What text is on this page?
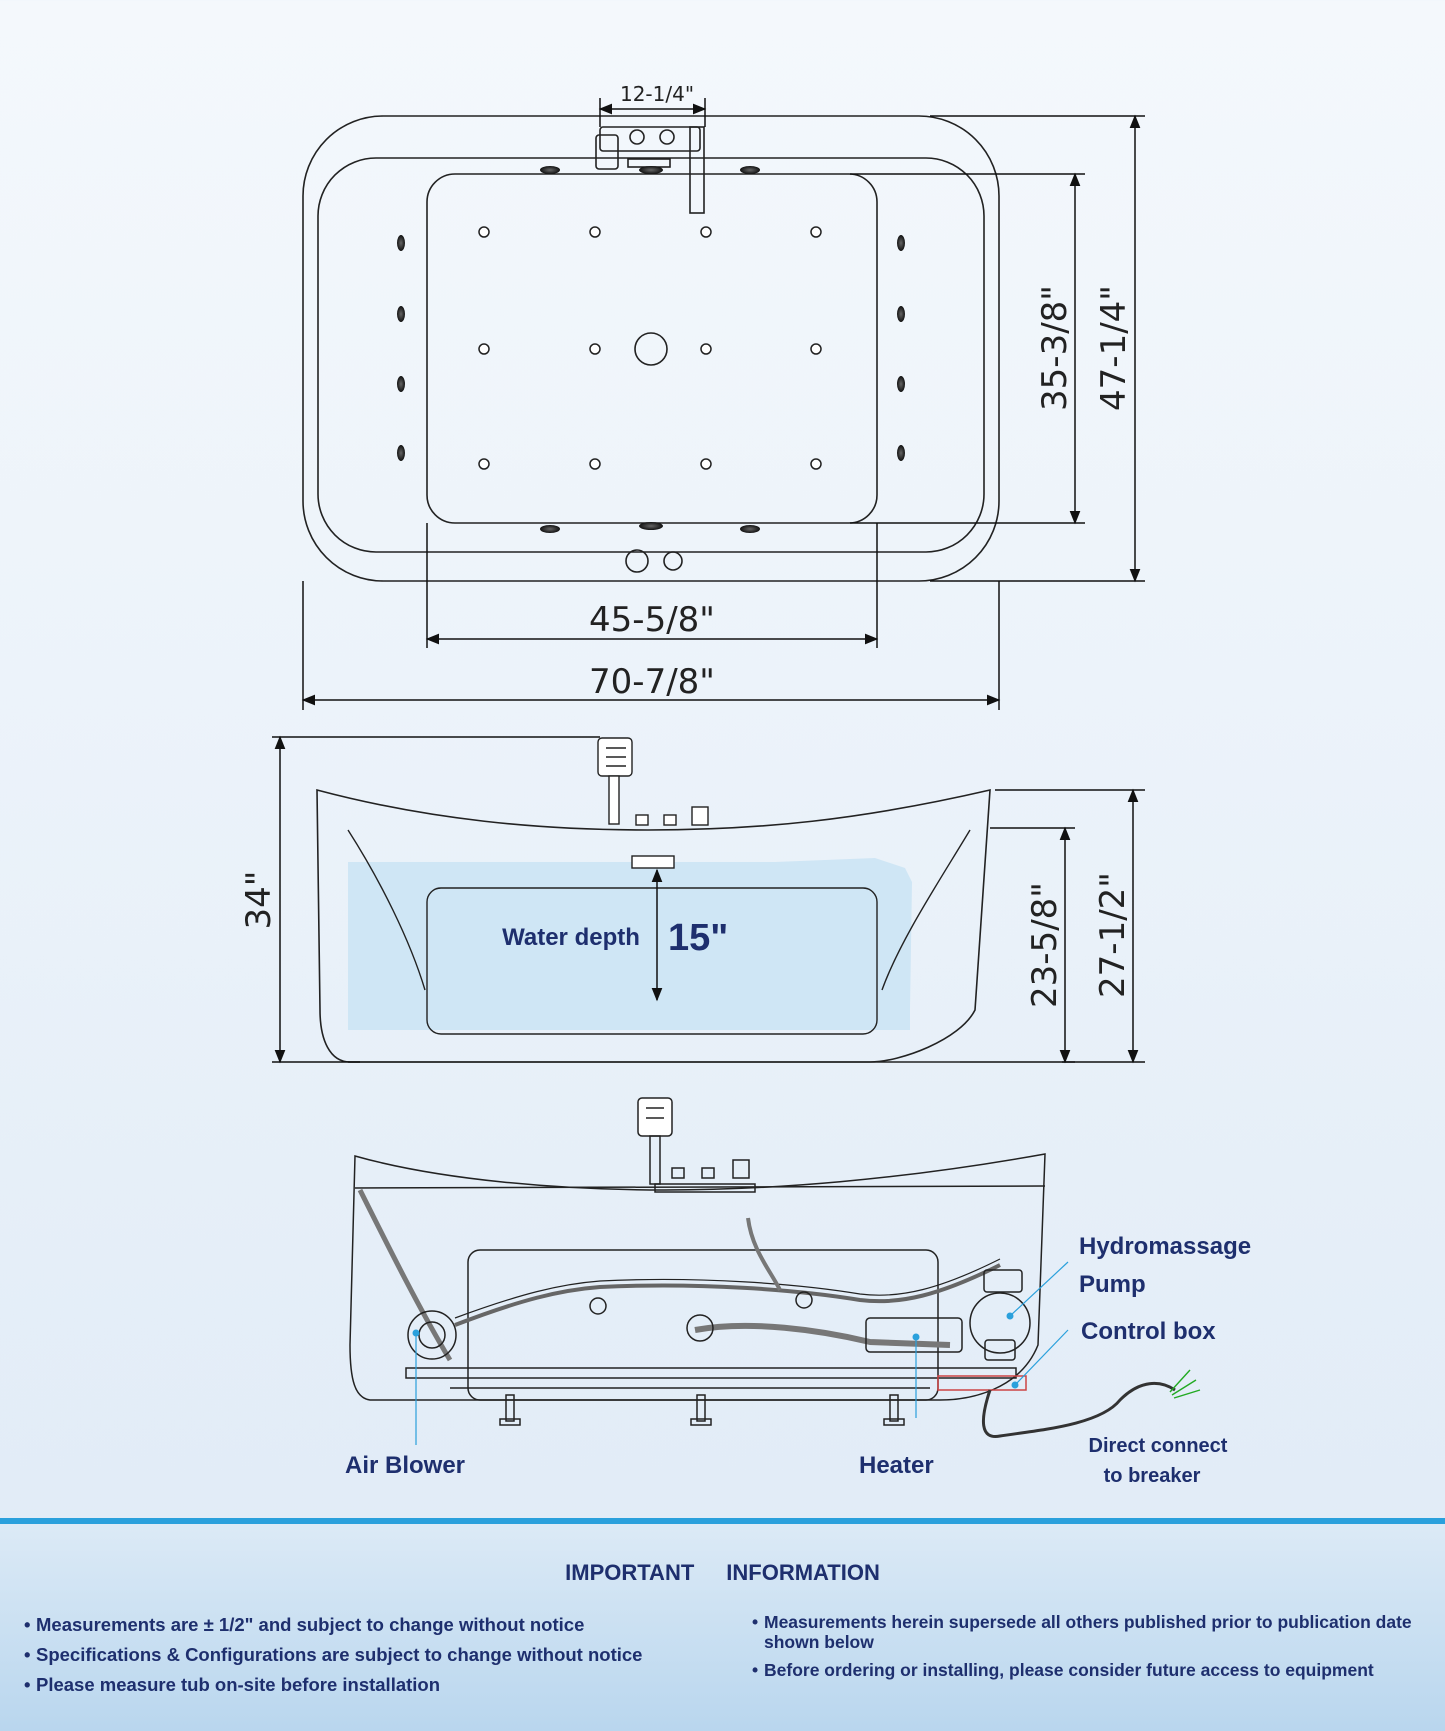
12-1/4"
45-5/8"
70-7/8"
35-3/8" 47-1/4"
Water depth 15"
34"	23-5/8" 27-1/2"
Hydromassage
Pump
Control box
Air Blower	Heater
Direct connect
to breaker
IMPORTANT INFORMATION
• Measurements are ± 1/2" and subject to change without notice
• Specifications & Configurations are subject to change without notice
• Please measure tub on-site before installation
• Measurements herein supersede all others published prior to publication date shown below
• Before ordering or installing, please consider future access to equipment
